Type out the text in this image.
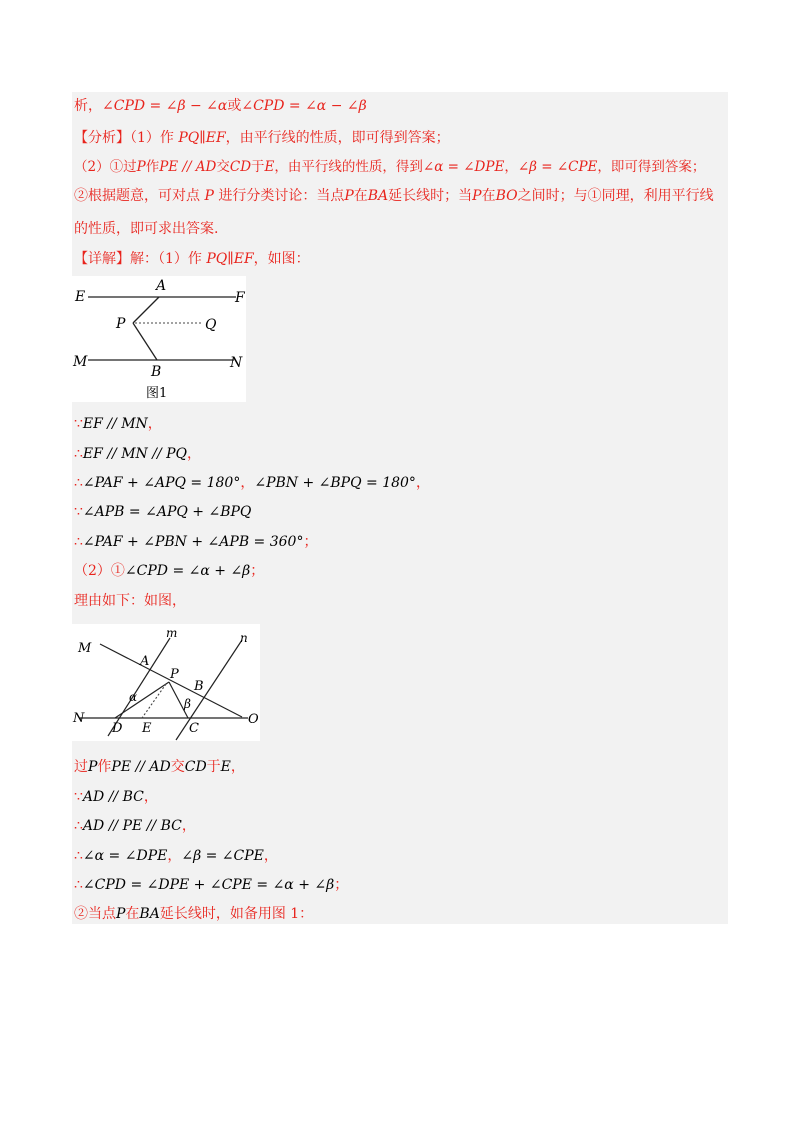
析，∠CPD = ∠β − ∠α或∠CPD = ∠α − ∠β
【分析】（1）作 PQ∥EF，由平行线的性质，即可得到答案；
（2）①过P作PE // AD交CD于E，由平行线的性质，得到∠α = ∠DPE，∠β = ∠CPE，即可得到答案；
②根据题意，可对点 P 进行分类讨论：当点P在BA延长线时；当P在BO之间时；与①同理，利用平行线
的性质，即可求出答案.
【详解】解：（1）作 PQ∥EF，如图：
E
A
F
P	Q
M	N
B
图1
∵EF // MN，
∴EF // MN // PQ，
∴∠PAF + ∠APQ = 180°，∠PBN + ∠BPQ = 180°，
∵∠APB = ∠APQ + ∠BPQ
∴∠PAF + ∠PBN + ∠APB = 360°；
（2）①∠CPD = ∠α + ∠β；
理由如下：如图，
M
m	n
A
P
B
α	β
N	O
D E	C
过P作PE // AD交CD于E，
∵AD // BC，
∴AD // PE // BC，
∴∠α = ∠DPE，∠β = ∠CPE，
∴∠CPD = ∠DPE + ∠CPE = ∠α + ∠β；
②当点P在BA延长线时，如备用图 1：
